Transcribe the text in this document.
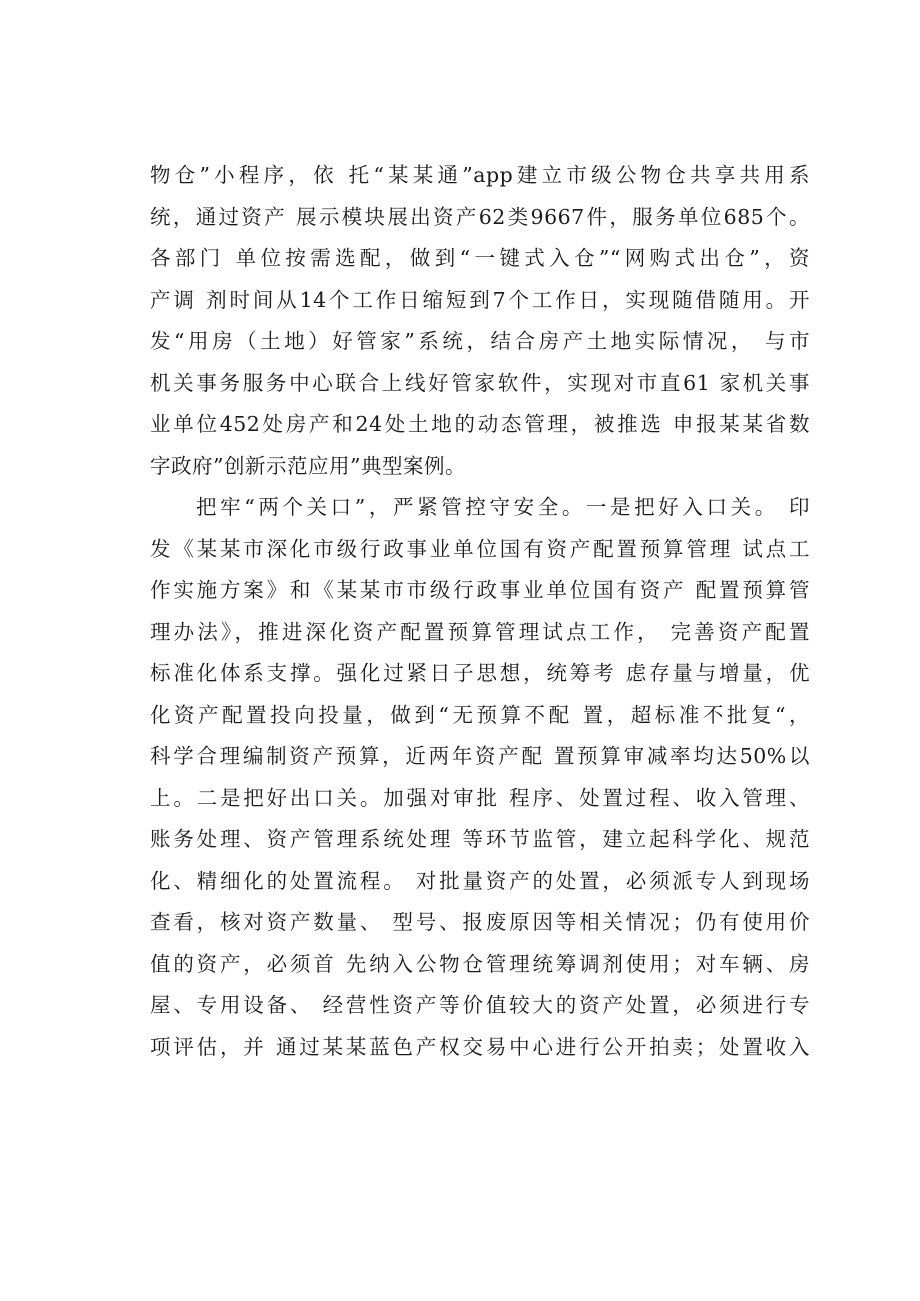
物仓”小程序，依 托“某某通”app建立市级公物仓共享共用系
统，通过资产 展示模块展出资产62类9667件，服务单位685个。
各部门 单位按需选配，做到“一键式入仓”“网购式出仓”，资
产调 剂时间从14个工作日缩短到7个工作日，实现随借随用。开
发“用房（土地）好管家”系统，结合房产土地实际情况， 与市
机关事务服务中心联合上线好管家软件，实现对市直61 家机关事
业单位452处房产和24处土地的动态管理，被推选 申报某某省数
字政府”创新示范应用”典型案例。
把牢“两个关口”，严紧管控守安全。一是把好入口关。 印
发《某某市深化市级行政事业单位国有资产配置预算管理 试点工
作实施方案》和《某某市市级行政事业单位国有资产 配置预算管
理办法》，推进深化资产配置预算管理试点工作， 完善资产配置
标准化体系支撑。强化过紧日子思想，统筹考 虑存量与增量，优
化资产配置投向投量，做到“无预算不配 置，超标准不批复“，
科学合理编制资产预算，近两年资产配 置预算审减率均达50%以
上。二是把好出口关。加强对审批 程序、处置过程、收入管理、
账务处理、资产管理系统处理 等环节监管，建立起科学化、规范
化、精细化的处置流程。 对批量资产的处置，必须派专人到现场
查看，核对资产数量、 型号、报废原因等相关情况；仍有使用价
值的资产，必须首 先纳入公物仓管理统筹调剂使用；对车辆、房
屋、专用设备、 经营性资产等价值较大的资产处置，必须进行专
项评估，并 通过某某蓝色产权交易中心进行公开拍卖；处置收入
